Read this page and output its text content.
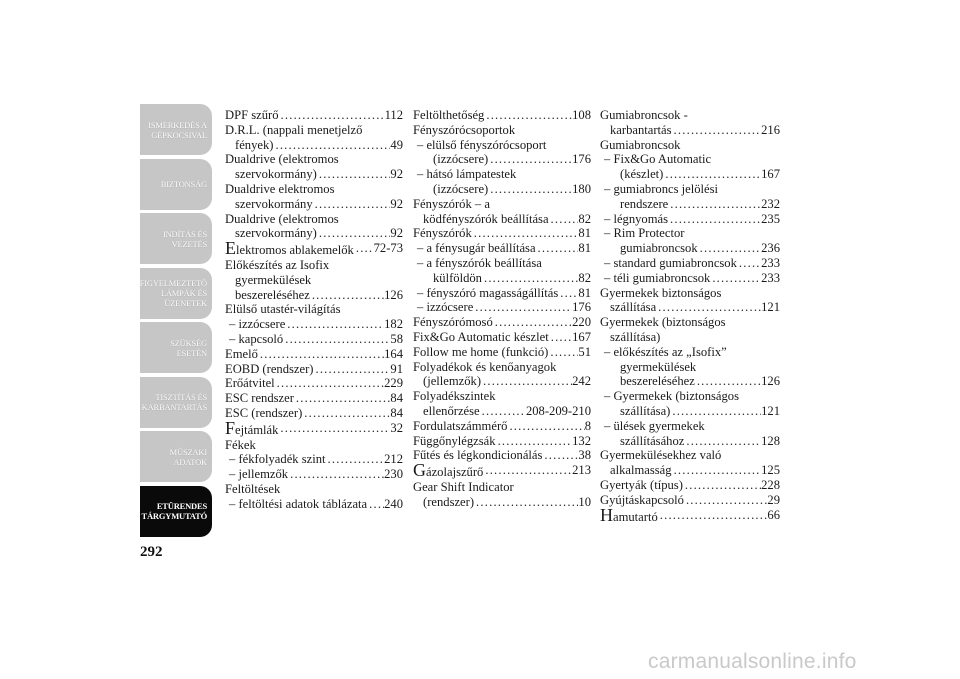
ISMERKEDÉS A GÉPKOCSIVAL
BIZTONSÁG
INDÍTÁS ÉS VEZETÉS
FIGYELMEZTETŐ LÁMPÁK ÉS ÜZENETEK
SZÜKSÉG ESETÉN
TISZTÍTÁS ÉS KARBANTARTÁS
MŰSZAKI ADATOK
ETÜRENDES TÁRGYMUTATÓ
292
DPF szűrő .....	112
D.R.L. (nappali menetjelző
fények) .....	49
Dualdrive (elektromos
szervokormány) .....	92
Dualdrive elektromos
szervokormány .....	92
Dualdrive (elektromos
szervokormány) .....	92
Elektromos ablakemelők ..... 72-73
Előkészítés az Isofix
gyermekülések
beszereléséhez .....	126
Elülső utastér-világítás
– izzócsere .....	182
– kapcsoló .....	58
Emelő .....	164
EOBD (rendszer) .....	91
Erőátvitel .....	229
ESC rendszer .....	84
ESC (rendszer) .....	84
Fejtámlák .....	32
Fékek
– fékfolyadék szint .....	212
– jellemzők .....	230
Feltöltések
– feltöltési adatok táblázata ..... 240
Feltölthetőség .....	108
Fényszórócsoportok
– elülső fényszórócsoport
(izzócsere) .....	176
– hátsó lámpatestek
(izzócsere) .....	180
Fényszórók – a
ködfényszórók beállítása ..... 82
Fényszórók .....	81
– a fénysugár beállítása .....	81
– a fényszórók beállítása
külföldön .....	82
– fényszóró magasságállítás ..... 81
– izzócsere .....	176
Fényszórómosó .....	220
Fix&Go Automatic készlet ..... 167
Follow me home (funkció) ..... 51
Folyadékok és kenőanyagok
(jellemzők) .....	242
Folyadékszintek
ellenőrzése .....	208-209-210
Fordulatszámmérő .....	8
Függőnylégzsák .....	132
Fűtés és légkondicionálás .....	38
Gázolajszűrő .....	213
Gear Shift Indicator
(rendszer) .....	10
Gumiabroncsok -
karbantartás .....	216
Gumiabroncsok
– Fix&Go Automatic
(készlet) .....	167
– gumiabroncs jelölési
rendszere .....	232
– légnyomás .....	235
– Rim Protector
gumiabroncsok .....	236
– standard gumiabroncsok ..... 233
– téli gumiabroncsok .....	233
Gyermekek biztonságos
szállítása .....	121
Gyermekek (biztonságos
szállítása)
– előkészítés az „Isofix”
gyermekülések
beszereléséhez .....	126
– Gyermekek (biztonságos
szállítása) .....	121
– ülések gyermekek
szállításához .....	128
Gyermekülésekhez való
alkalmasság .....	125
Gyertyák (típus) .....	228
Gyújtáskapcsoló .....	29
Hamutartó .....	66
carmanualsonline.info
